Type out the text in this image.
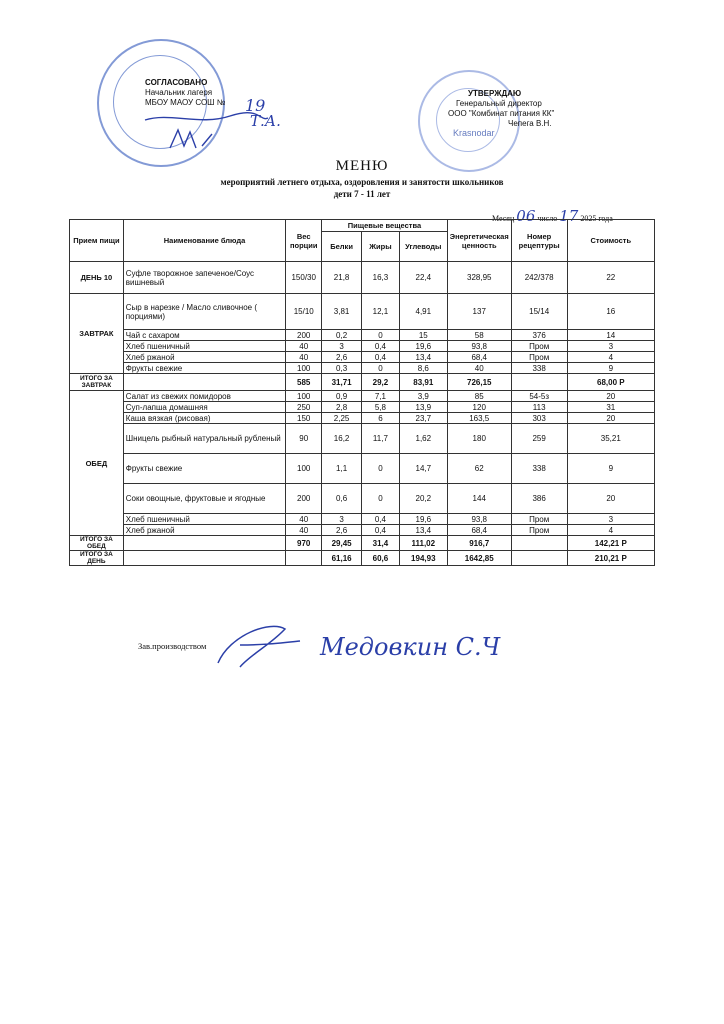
СОГЛАСОВАНО
Начальник лагеря
МБОУ МАОУ СОШ № 19
Т.А.
Krasnodar
УТВЕРЖДАЮ
Генеральный директор
ООО "Комбинат питания КК"
Чепега В.Н.
МЕНЮ
мероприятий летнего отдыха, оздоровления и занятости школьников
дети 7 - 11 лет
Месяц 06 число 17 2025 года
Прием пищи	Наименование блюда	Вес порции	Пищевые вещества			Энергетическая ценность	Номер рецептуры	Стоимость
			Белки	Жиры	Углеводы			
ДЕНЬ 10	Суфле творожное запеченое/Соус вишневый	150/30	21,8	16,3	22,4	328,95	242/378	22
ЗАВТРАК	Сыр в нарезке / Масло сливочное ( порциями)	15/10	3,81	12,1	4,91	137	15/14	16
	Чай с сахаром	200	0,2	0	15	58	376	14
	Хлеб пшеничный	40	3	0,4	19,6	93,8	Пром	3
	Хлеб ржаной	40	2,6	0,4	13,4	68,4	Пром	4
	Фрукты свежие	100	0,3	0	8,6	40	338	9
ИТОГО ЗА ЗАВТРАК		585	31,71	29,2	83,91	726,15		68,00 Р
ОБЕД	Салат из свежих помидоров	100	0,9	7,1	3,9	85	54-5з	20
	Суп-лапша домашняя	250	2,8	5,8	13,9	120	113	31
	Каша вязкая (рисовая)	150	2,25	6	23,7	163,5	303	20
	Шницель рыбный натуральный рубленый	90	16,2	11,7	1,62	180	259	35,21
	Фрукты свежие	100	1,1	0	14,7	62	338	9
	Соки овощные, фруктовые и ягодные	200	0,6	0	20,2	144	386	20
	Хлеб пшеничный	40	3	0,4	19,6	93,8	Пром	3
	Хлеб ржаной	40	2,6	0,4	13,4	68,4	Пром	4
ИТОГО ЗА ОБЕД		970	29,45	31,4	111,02	916,7		142,21 Р
ИТОГО ЗА ДЕНЬ			61,16	60,6	194,93	1642,85		210,21 Р
Зав.производством	Медовкин С.Ч
